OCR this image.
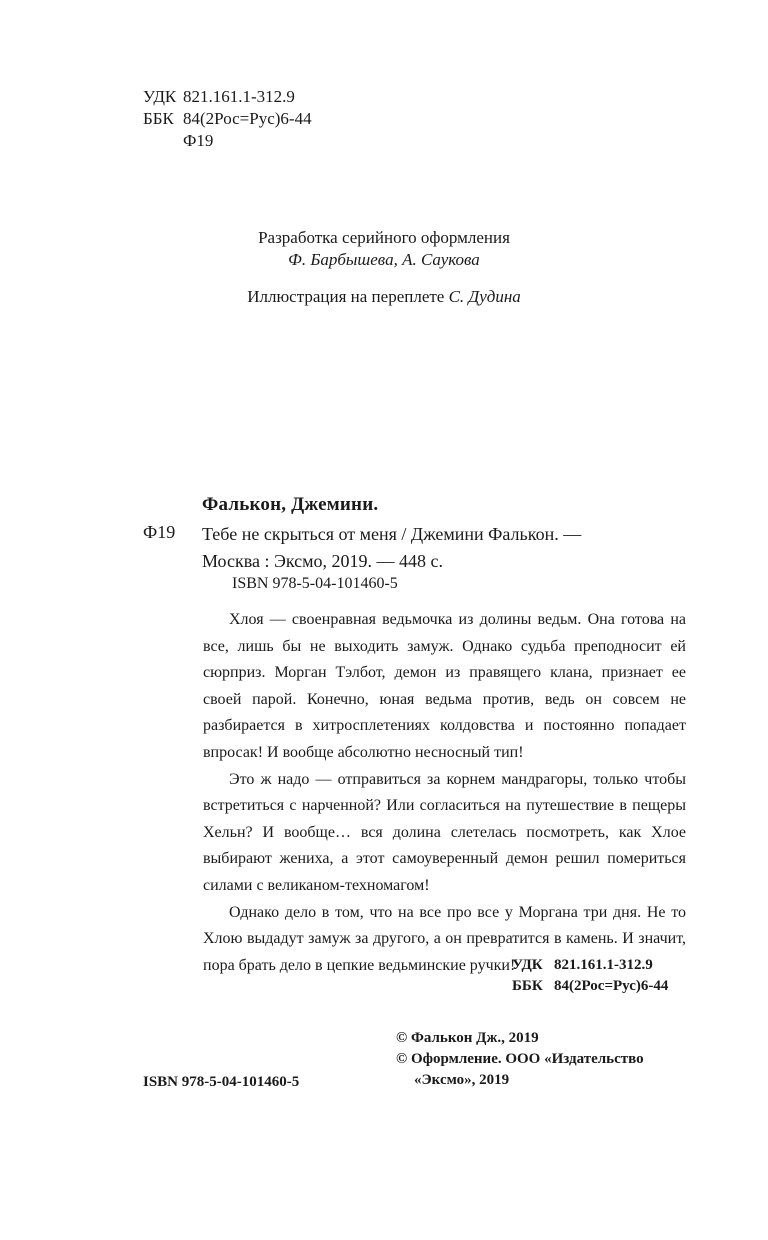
УДК 821.161.1-312.9
ББК 84(2Рос=Рус)6-44
Ф19
Разработка серийного оформления
Ф. Барбышева, А. Саукова
Иллюстрация на переплете С. Дудина
Фалькон, Джемини.
Ф19 Тебе не скрыться от меня / Джемини Фалькон. —
Москва : Эксмо, 2019. — 448 с.
ISBN 978-5-04-101460-5

Хлоя — своенравная ведьмочка из долины ведьм. Она готова на все, лишь бы не выходить замуж. Однако судьба преподносит ей сюрприз. Морган Тэлбот, демон из правящего клана, признает ее своей парой. Конечно, юная ведьма против, ведь он совсем не разбирается в хитросплетениях колдовства и постоянно попадает впросак! И вообще абсолютно несносный тип!

Это ж надо — отправиться за корнем мандрагоры, только чтобы встретиться с нарченной? Или согласиться на путешествие в пещеры Хельн? И вообще… вся долина слетелась посмотреть, как Хлое выбирают жениха, а этот самоуверенный демон решил помериться силами с великаном-техномагом!

Однако дело в том, что на все про все у Моргана три дня. Не то Хлою выдадут замуж за другого, а он превратится в камень. И значит, пора брать дело в цепкие ведьминские ручки!

УДК 821.161.1-312.9
ББК 84(2Рос=Рус)6-44
© Фалькон Дж., 2019
© Оформление. ООО «Издательство
«Эксмо», 2019
ISBN 978-5-04-101460-5
